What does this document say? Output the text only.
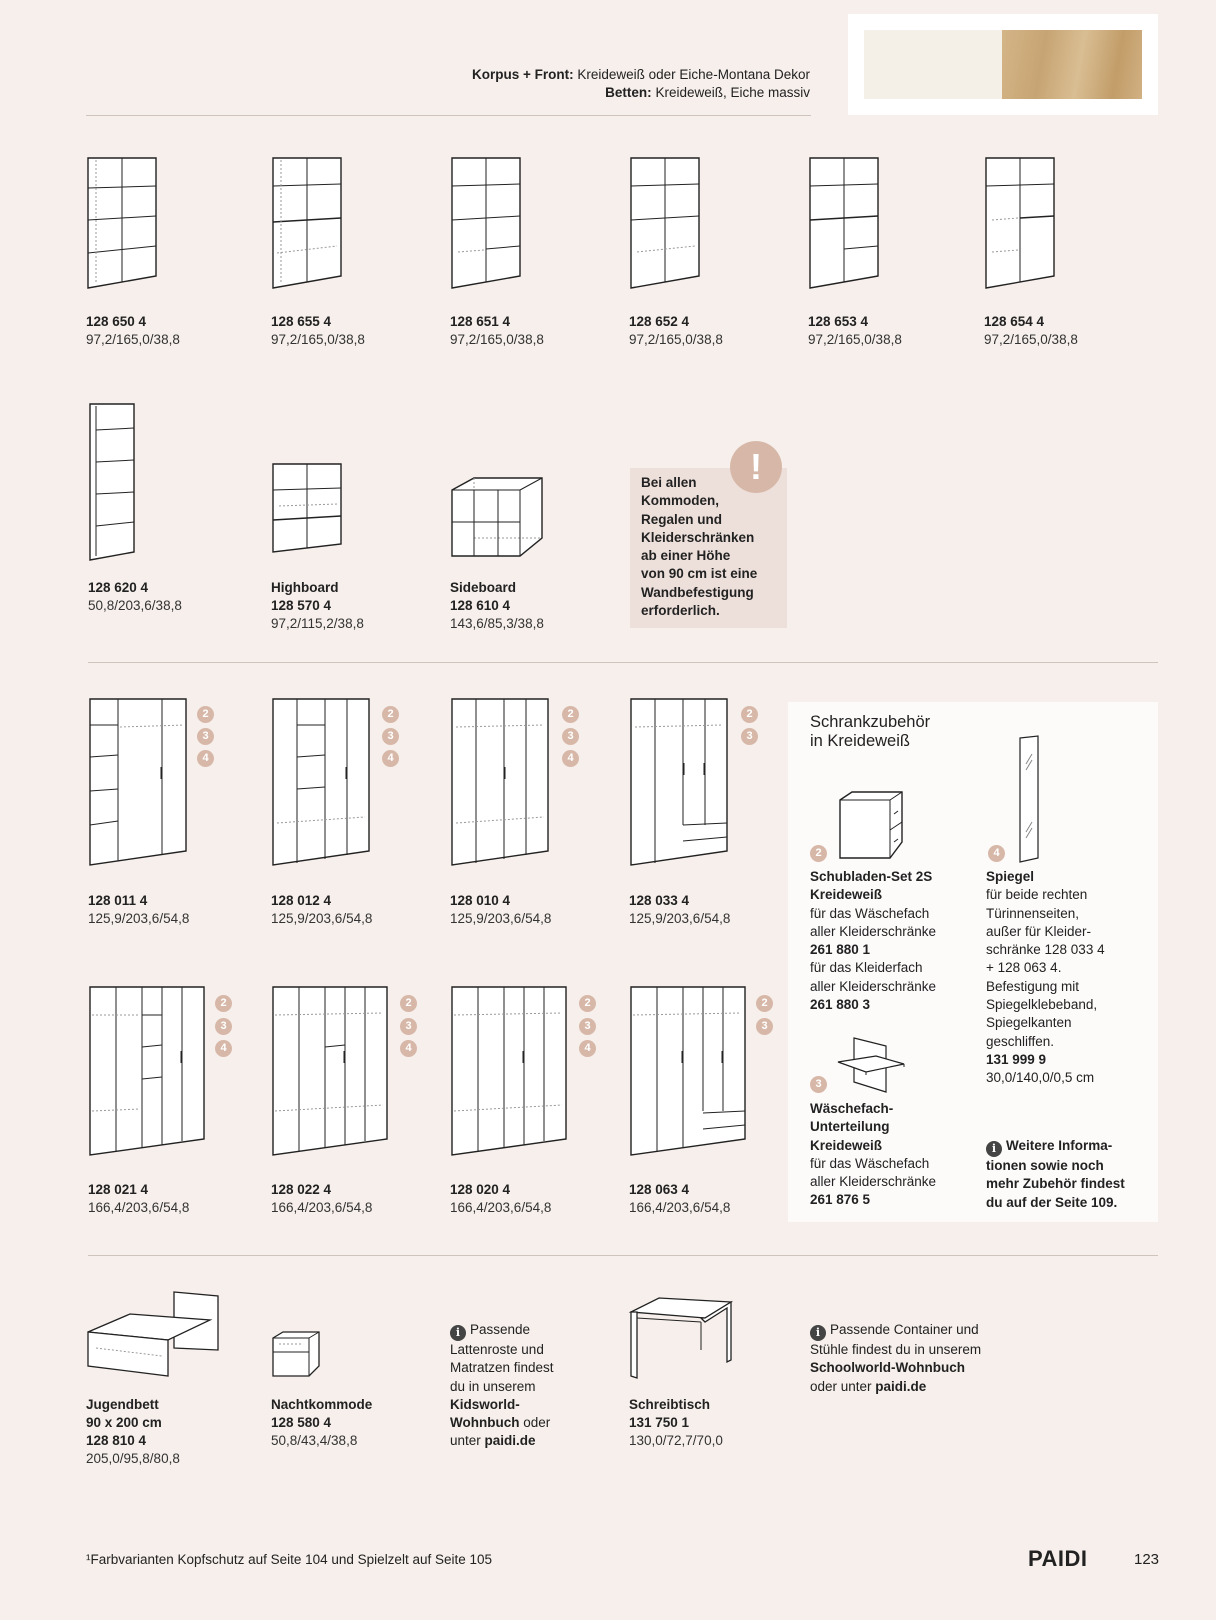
Korpus + Front: Kreideweiß oder Eiche-Montana Dekor
Betten: Kreideweiß, Eiche massiv
128 650 4
97,2/165,0/38,8
128 655 4
97,2/165,0/38,8
128 651 4
97,2/165,0/38,8
128 652 4
97,2/165,0/38,8
128 653 4
97,2/165,0/38,8
128 654 4
97,2/165,0/38,8
128 620 4
50,8/203,6/38,8
Highboard
128 570 4
97,2/115,2/38,8
Sideboard
128 610 4
143,6/85,3/38,8
Bei allen
Kommoden,
Regalen und
Kleiderschränken
ab einer Höhe
von 90 cm ist eine
Wandbefestigung
erforderlich.
!
2
3
4
2
3
4
2
3
4
2
3
128 011 4
125,9/203,6/54,8
128 012 4
125,9/203,6/54,8
128 010 4
125,9/203,6/54,8
128 033 4
125,9/203,6/54,8
2
3
4
2
3
4
2
3
4
2
3
128 021 4
166,4/203,6/54,8
128 022 4
166,4/203,6/54,8
128 020 4
166,4/203,6/54,8
128 063 4
166,4/203,6/54,8
Schrankzubehör
in Kreideweiß
2
Schubladen-Set 2S
Kreideweiß
für das Wäschefach
aller Kleiderschränke
261 880 1
für das Kleiderfach
aller Kleiderschränke
261 880 3
3
Wäschefach-
Unterteilung
Kreideweiß
für das Wäschefach
aller Kleiderschränke
261 876 5
4
Spiegel
für beide rechten
Türinnenseiten,
außer für Kleider-
schränke 128 033 4
+ 128 063 4.
Befestigung mit
Spiegelklebeband,
Spiegelkanten
geschliffen.
131 999 9
30,0/140,0/0,5 cm
i Weitere Informa-
tionen sowie noch
mehr Zubehör findest
du auf der Seite 109.
Jugendbett
90 x 200 cm
128 810 4
205,0/95,8/80,8
Nachtkommode
128 580 4
50,8/43,4/38,8
i Passende
Lattenroste und
Matratzen findest
du in unserem
Kidsworld-
Wohnbuch oder
unter paidi.de
Schreibtisch
131 750 1
130,0/72,7/70,0
i Passende Container und
Stühle findest du in unserem
Schoolworld-Wohnbuch
oder unter paidi.de
¹Farbvarianten Kopfschutz auf Seite 104 und Spielzelt auf Seite 105	PAIDI	123
